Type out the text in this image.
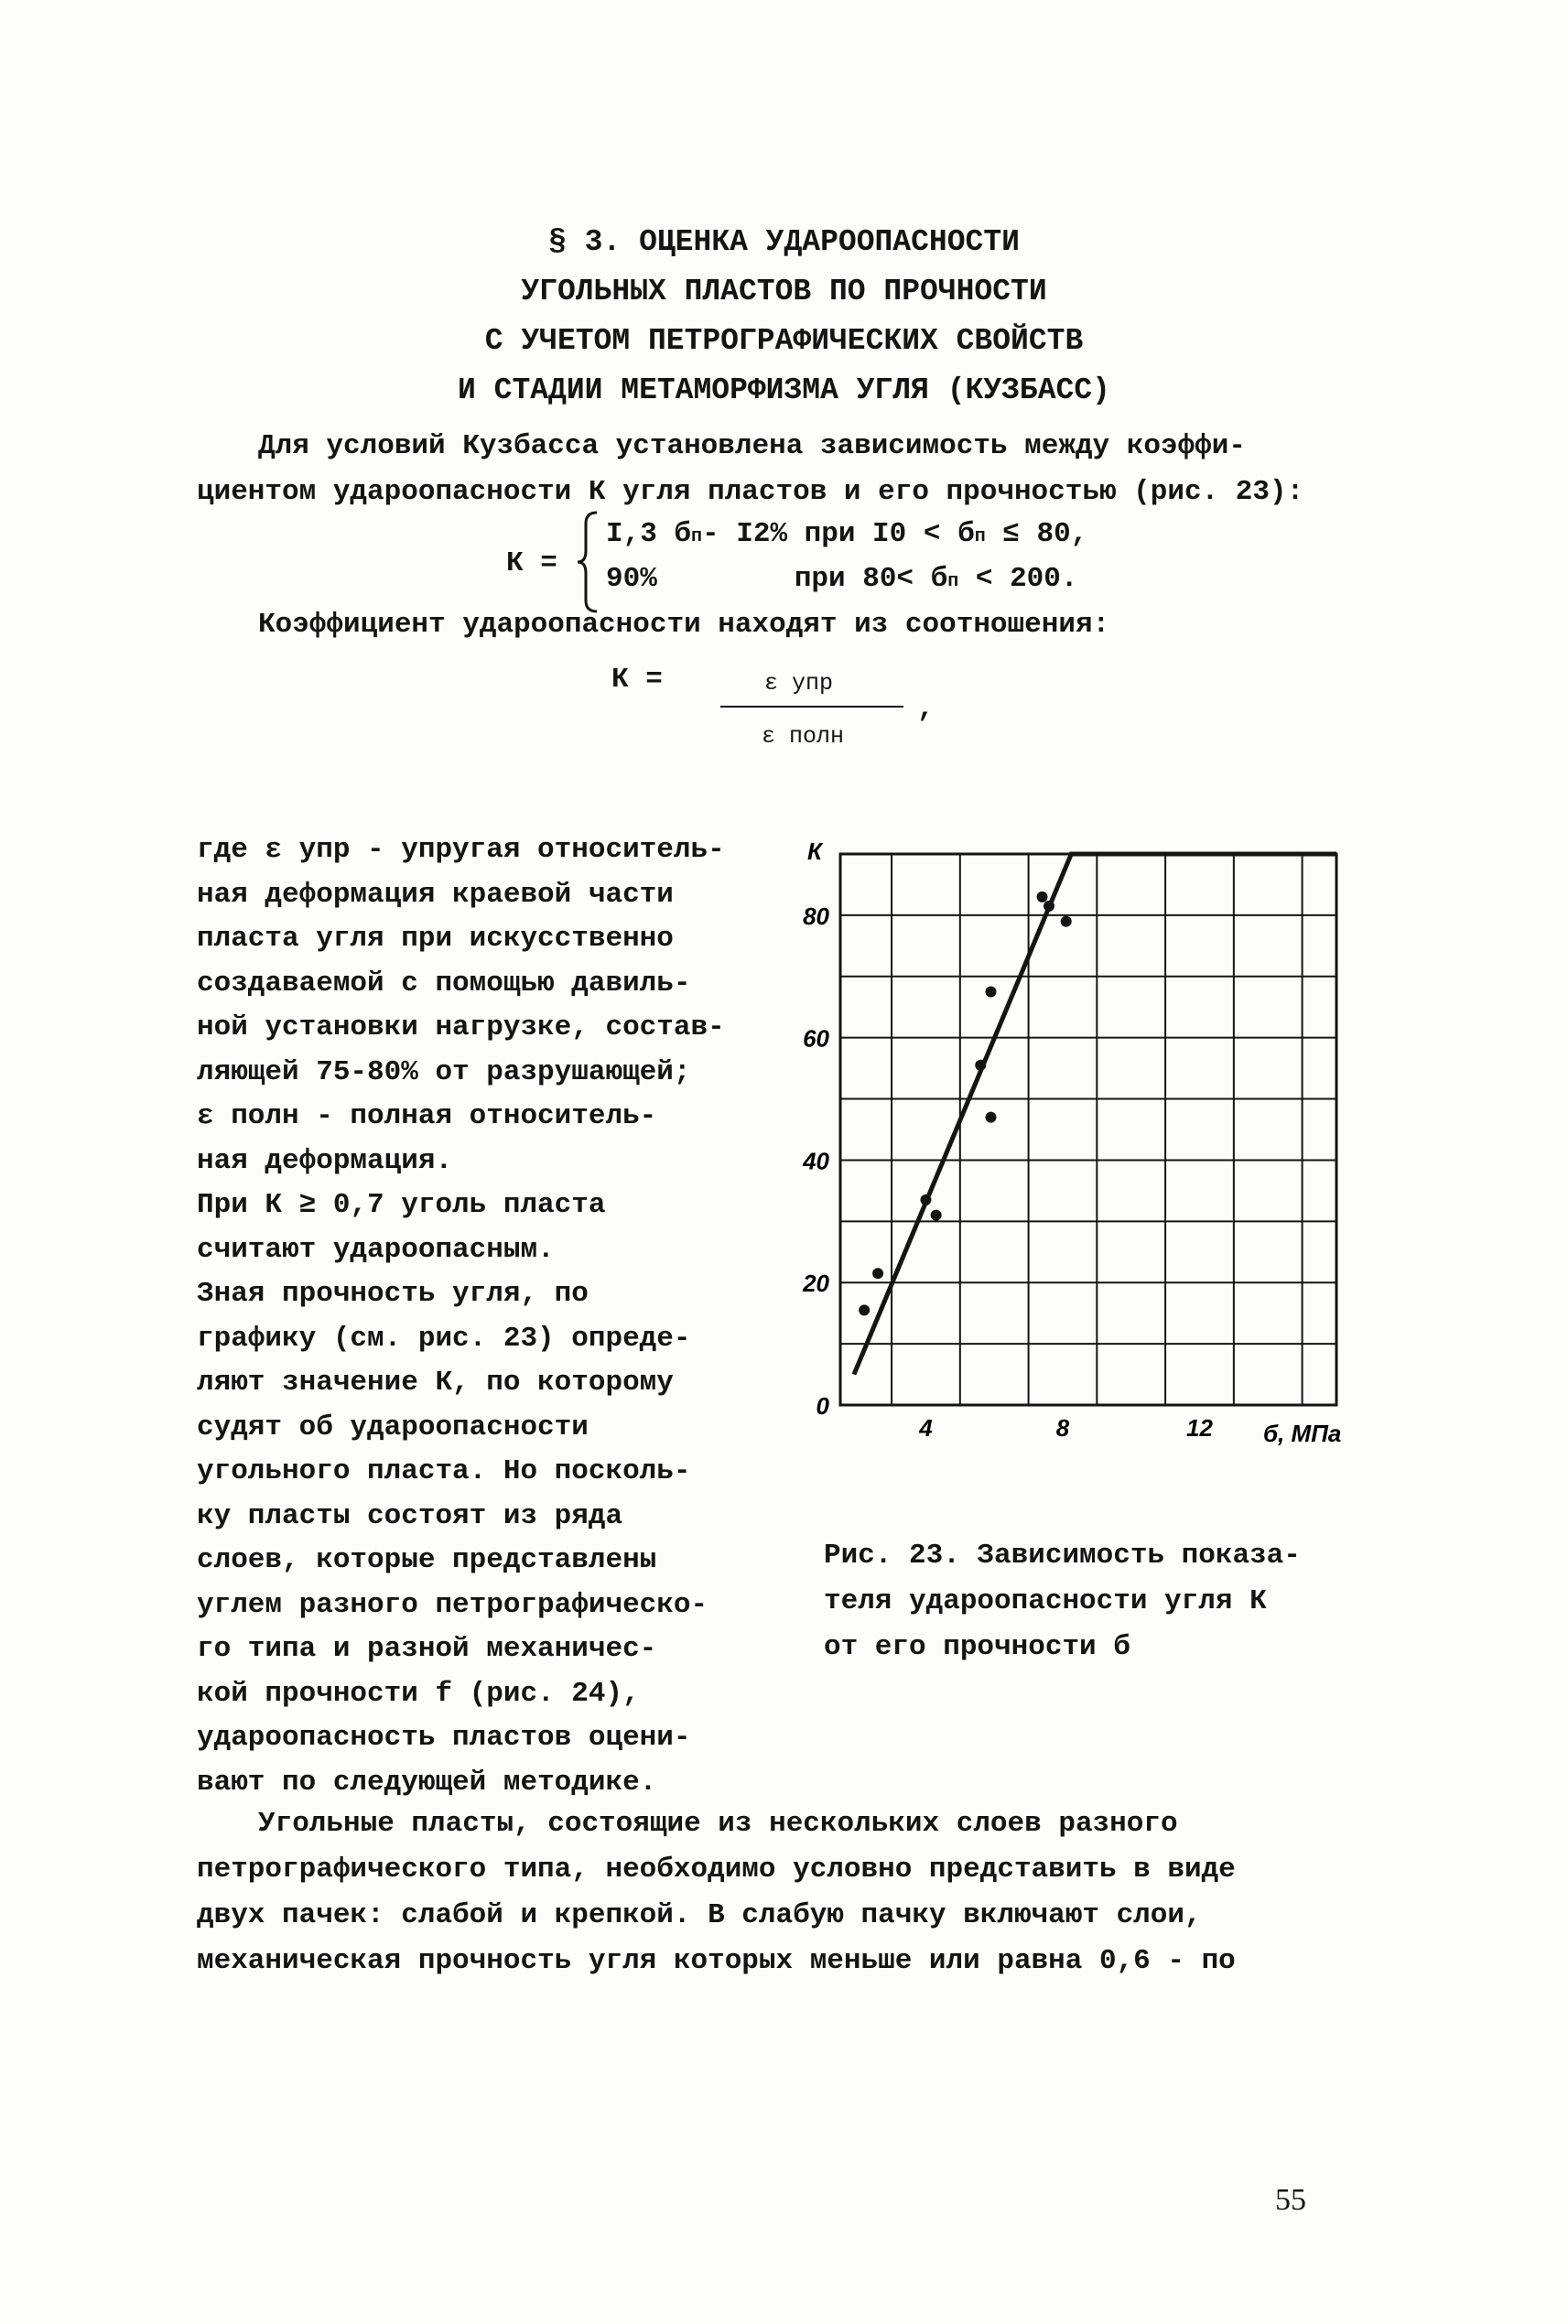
§ 3. ОЦЕНКА УДАРООПАСНОСТИ
УГОЛЬНЫХ ПЛАСТОВ ПО ПРОЧНОСТИ
С УЧЕТОМ ПЕТРОГРАФИЧЕСКИХ СВОЙСТВ
И СТАДИИ МЕТАМОРФИЗМА УГЛЯ (КУЗБАСС)
Для условий Кузбасса установлена зависимость между коэффи-
циентом удароопасности К угля пластов и его прочностью (рис. 23):
К =
I,3 бп- I2% при I0 < бп ≤ 80,
90%	при 80< бп < 200.
Коэффициент удароопасности находят из соотношения:
К =	ε упр
ε полн
,
где ε упр - упругая относитель-
ная деформация краевой части
пласта угля при искусственно
создаваемой с помощью давиль-
ной установки нагрузке, состав-
ляющей 75-80% от разрушающей;
ε полн - полная относитель-
ная деформация.
При К ≥ 0,7 уголь пласта
считают удароопасным.
Зная прочность угля, по
графику (см. рис. 23) опреде-
ляют значение К, по которому
судят об удароопасности
угольного пласта. Но посколь-
ку пласты состоят из ряда
слоев, которые представлены
углем разного петрографическо-
го типа и разной механичес-
кой прочности f (рис. 24),
удароопасность пластов оцени-
вают по следующей методике.
0
20
40
60
80
4	8	12
К
б, МПа
Рис. 23. Зависимость показа-
теля удароопасности угля К
от его прочности б
Угольные пласты, состоящие из нескольких слоев разного
петрографического типа, необходимо условно представить в виде
двух пачек: слабой и крепкой. В слабую пачку включают слои,
механическая прочность угля которых меньше или равна 0,6 - по
55
